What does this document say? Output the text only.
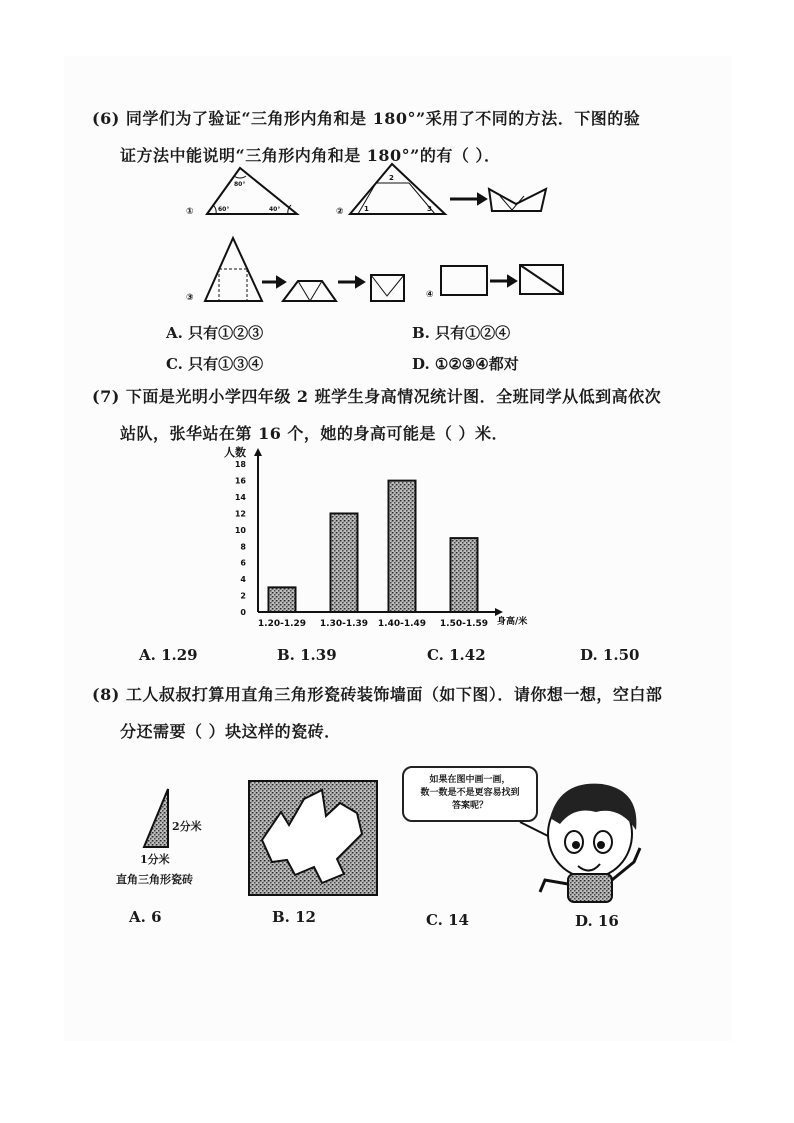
(6) 同学们为了验证“三角形内角和是 180°”采用了不同的方法．下图的验
证方法中能说明“三角形内角和是 180°”的有（ ）．
①	②
③	④
60°
80°
40°
2
1	3
A. 只有①②③	B. 只有①②④
C. 只有①③④	D. ①②③④都对
(7) 下面是光明小学四年级 2 班学生身高情况统计图．全班同学从低到高依次
站队，张华站在第 16 个，她的身高可能是（ ）米．
人数
身高/米
0
2
4
6
8
10
12
14
16
18
1.20-1.29 1.30-1.39 1.40-1.49 1.50-1.59
A. 1.29	B. 1.39	C. 1.42	D. 1.50
(8) 工人叔叔打算用直角三角形瓷砖装饰墙面（如下图）．请你想一想，空白部
分还需要（ ）块这样的瓷砖．
2分米
1分米
直角三角形瓷砖
如果在图中画一画，
数一数是不是更容易找到
答案呢？
A. 6	B. 12	C. 14	D. 16
